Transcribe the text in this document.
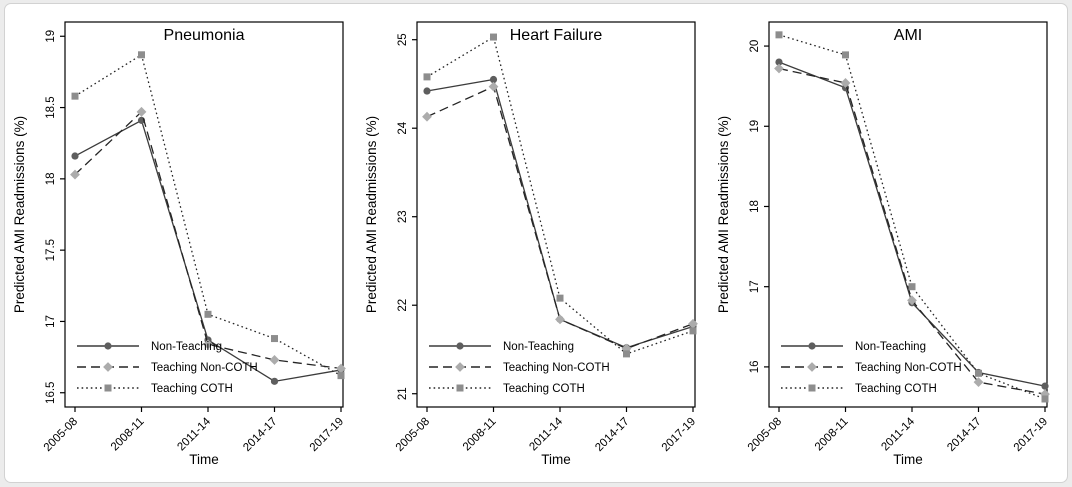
16.5
17
17.5
18
18.5
19
2005-08	2008-11	2011-14 2014-17 2017-19
Pneumonia
Predicted AMI Readmissions (%)
Time
Non-Teaching
Teaching Non-COTH
Teaching COTH	21
22
23
24
25
2005-08	2008-11	2011-14 2014-17 2017-19
Heart Failure
Predicted AMI Readmissions (%)
Time
Non-Teaching
Teaching Non-COTH
Teaching COTH
16
17
18
19
20
2005-08	2008-11	2011-14 2014-17 2017-19
AMI
Predicted AMI Readmissions (%)
Time
Non-Teaching
Teaching Non-COTH
Teaching COTH
